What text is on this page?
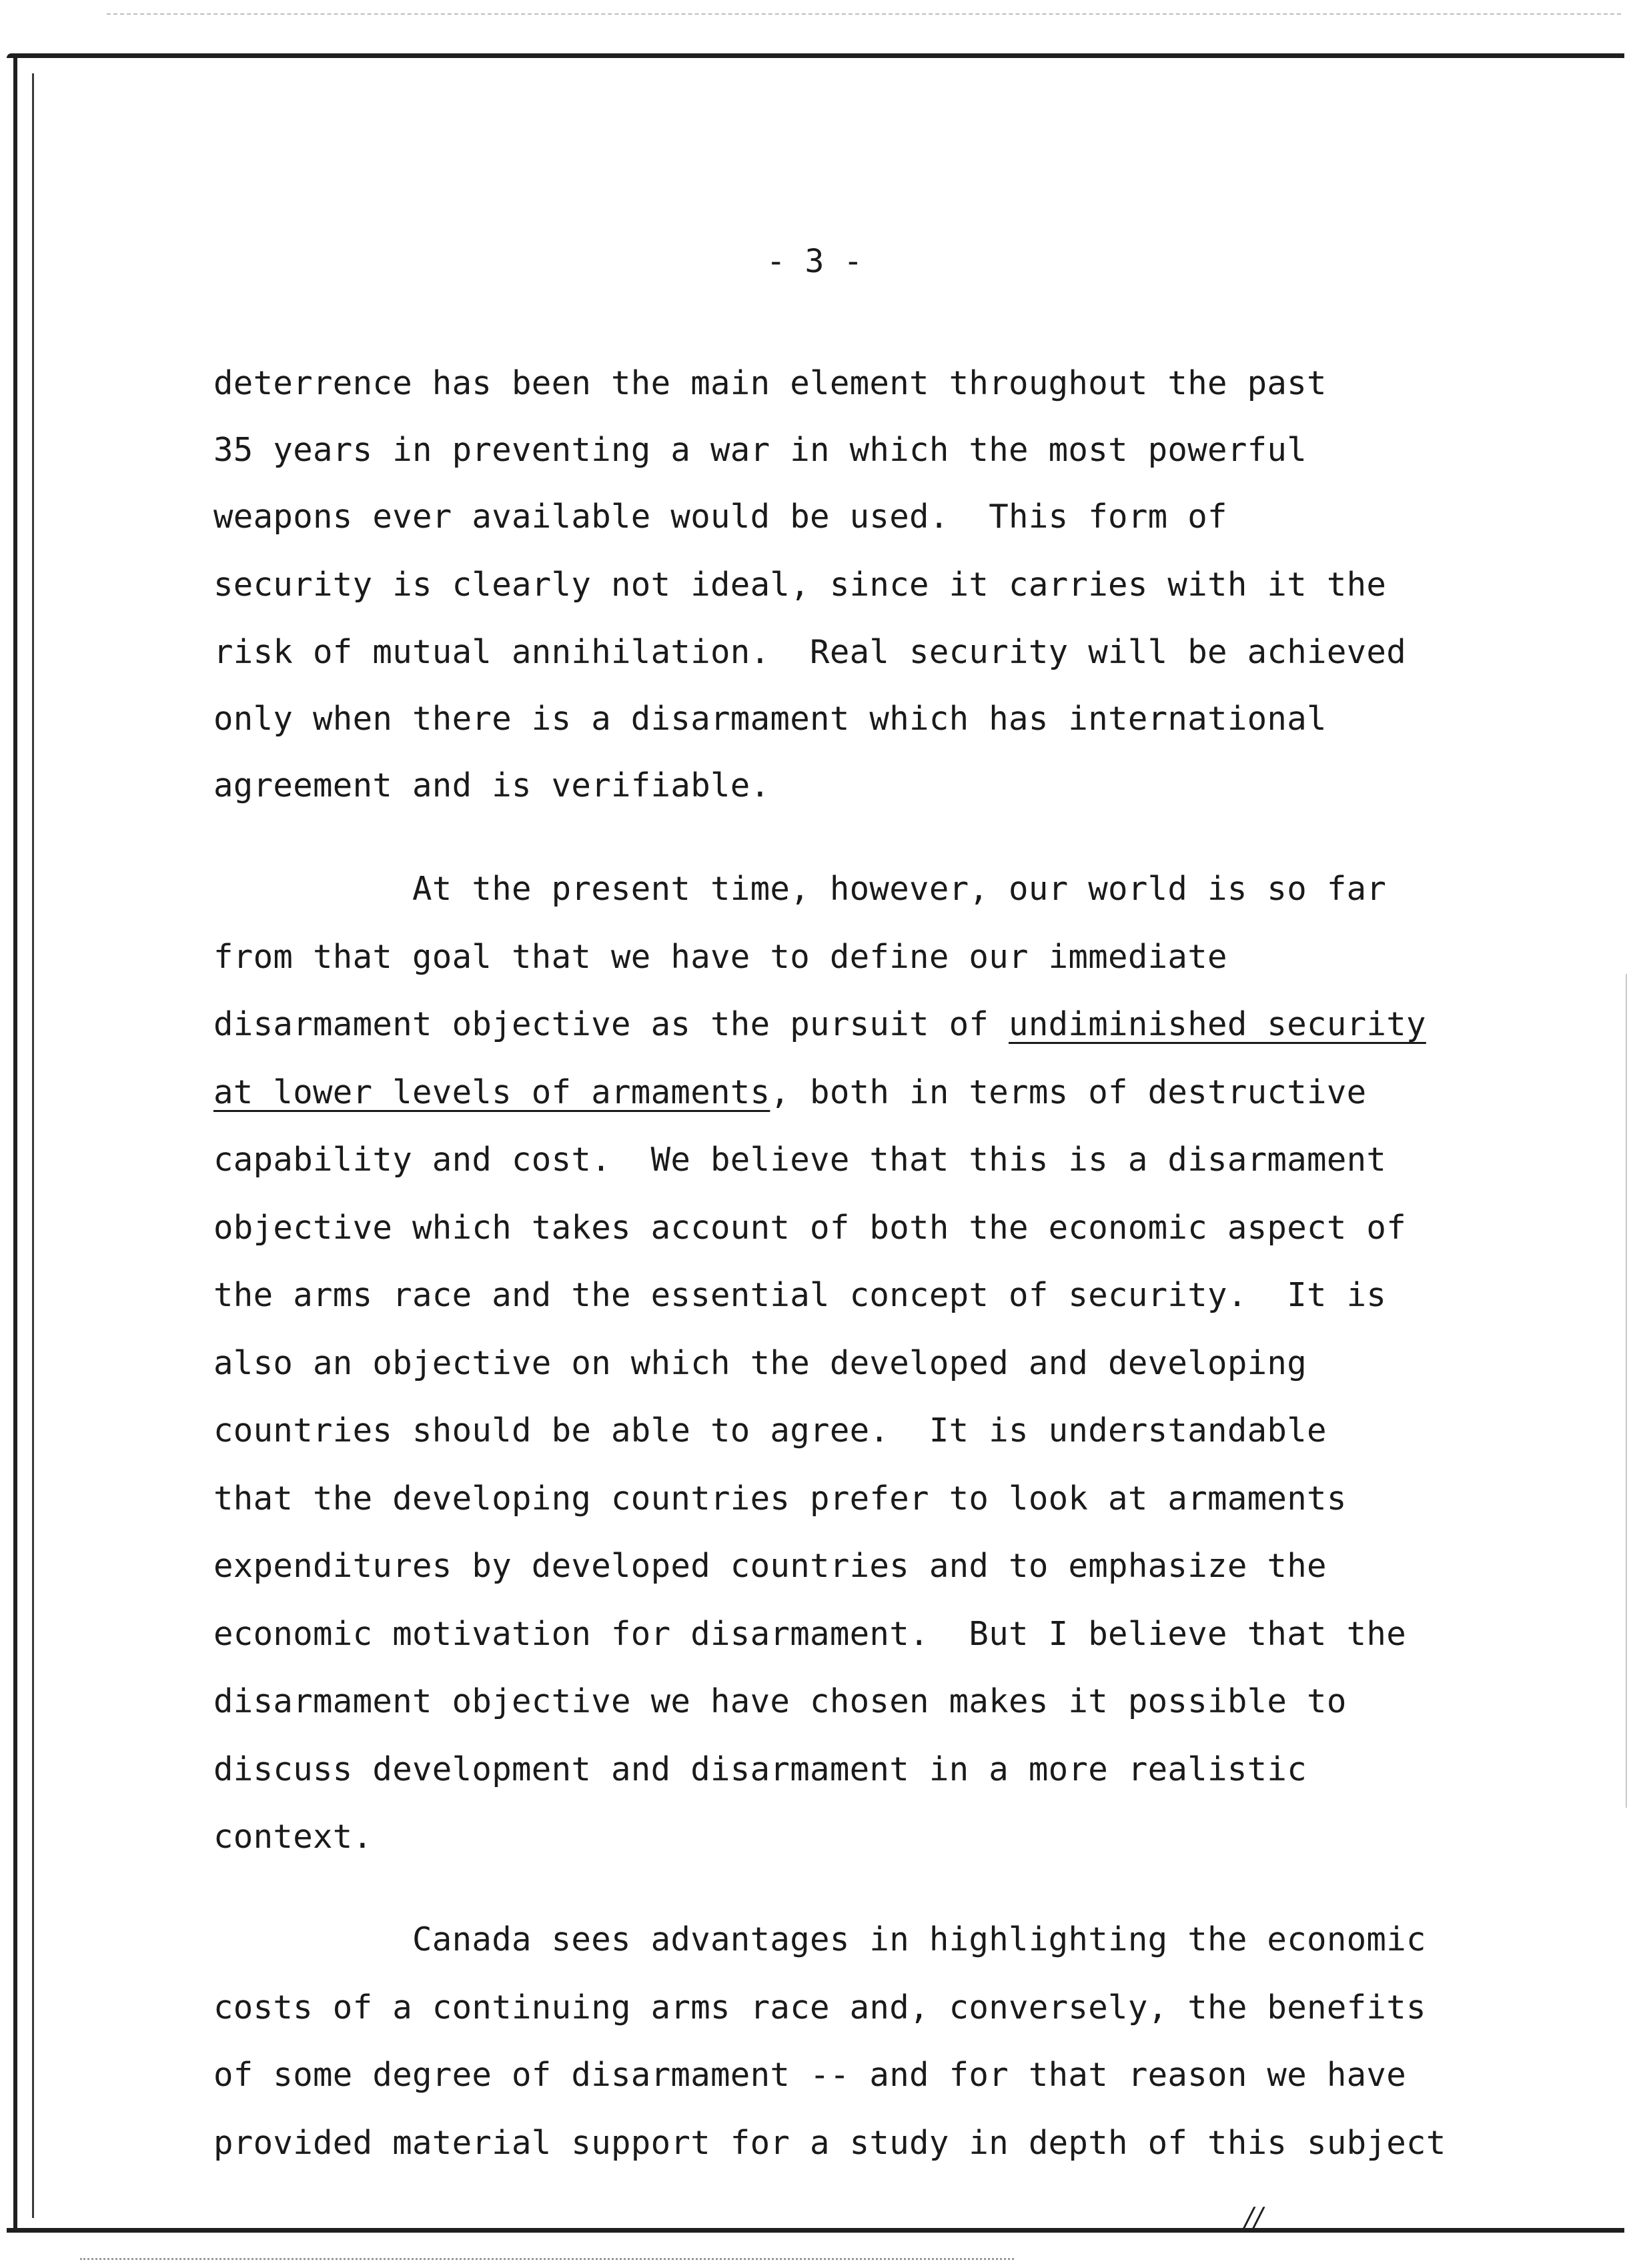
- 3 -
deterrence has been the main element throughout the past
35 years in preventing a war in which the most powerful
weapons ever available would be used.  This form of
security is clearly not ideal, since it carries with it the
risk of mutual annihilation.  Real security will be achieved
only when there is a disarmament which has international
agreement and is verifiable.
At the present time, however, our world is so far
from that goal that we have to define our immediate
disarmament objective as the pursuit of undiminished security
at lower levels of armaments, both in terms of destructive
capability and cost.  We believe that this is a disarmament
objective which takes account of both the economic aspect of
the arms race and the essential concept of security.  It is
also an objective on which the developed and developing
countries should be able to agree.  It is understandable
that the developing countries prefer to look at armaments
expenditures by developed countries and to emphasize the
economic motivation for disarmament.  But I believe that the
disarmament objective we have chosen makes it possible to
discuss development and disarmament in a more realistic
context.
Canada sees advantages in highlighting the economic
costs of a continuing arms race and, conversely, the benefits
of some degree of disarmament -- and for that reason we have
provided material support for a study in depth of this subject
//
